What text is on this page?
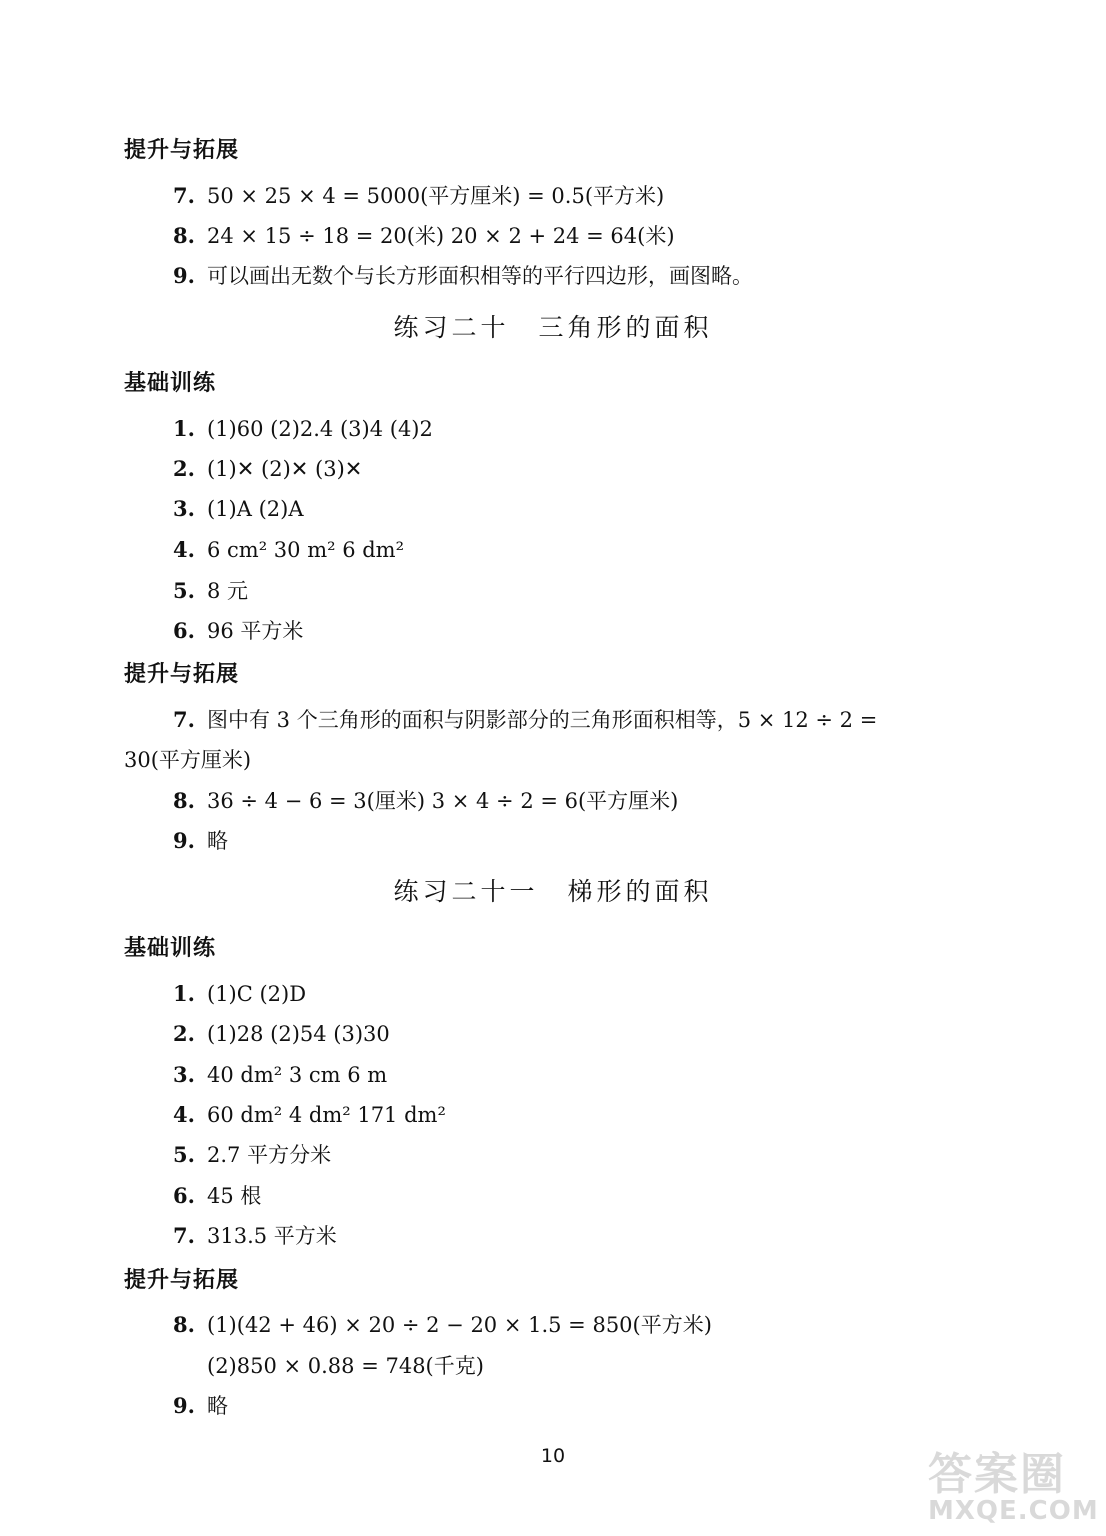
提升与拓展
7. 50 × 25 × 4 = 5000(平方厘米) = 0.5(平方米)
8. 24 × 15 ÷ 18 = 20(米) 20 × 2 + 24 = 64(米)
9. 可以画出无数个与长方形面积相等的平行四边形，画图略。
练习二十　三角形的面积
基础训练
1. (1)60 (2)2.4 (3)4 (4)2
2. (1)✕ (2)✕ (3)✕
3. (1)A (2)A
4. 6 cm² 30 m² 6 dm²
5. 8 元
6. 96 平方米
提升与拓展
7. 图中有 3 个三角形的面积与阴影部分的三角形面积相等，5 × 12 ÷ 2 =
30(平方厘米)
8. 36 ÷ 4 − 6 = 3(厘米) 3 × 4 ÷ 2 = 6(平方厘米)
9. 略
练习二十一　梯形的面积
基础训练
1. (1)C (2)D
2. (1)28 (2)54 (3)30
3. 40 dm² 3 cm 6 m
4. 60 dm² 4 dm² 171 dm²
5. 2.7 平方分米
6. 45 根
7. 313.5 平方米
提升与拓展
8. (1)(42 + 46) × 20 ÷ 2 − 20 × 1.5 = 850(平方米)
(2)850 × 0.88 = 748(千克)
9. 略
10	答案圈
MXQE.COM
